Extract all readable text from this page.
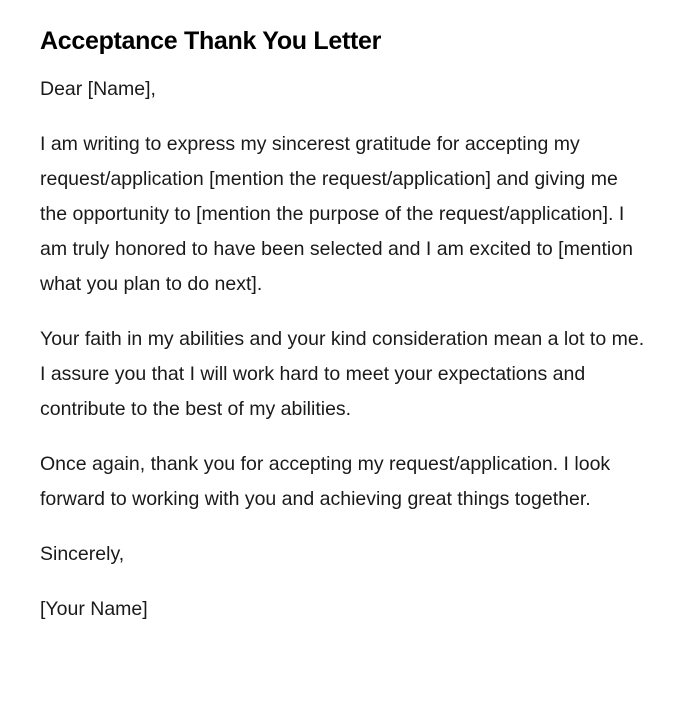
Acceptance Thank You Letter

Dear [Name],

I am writing to express my sincerest gratitude for accepting my request/application [mention the request/application] and giving me the opportunity to [mention the purpose of the request/application]. I am truly honored to have been selected and I am excited to [mention what you plan to do next].

Your faith in my abilities and your kind consideration mean a lot to me. I assure you that I will work hard to meet your expectations and contribute to the best of my abilities.

Once again, thank you for accepting my request/application. I look forward to working with you and achieving great things together.

Sincerely,

[Your Name]
